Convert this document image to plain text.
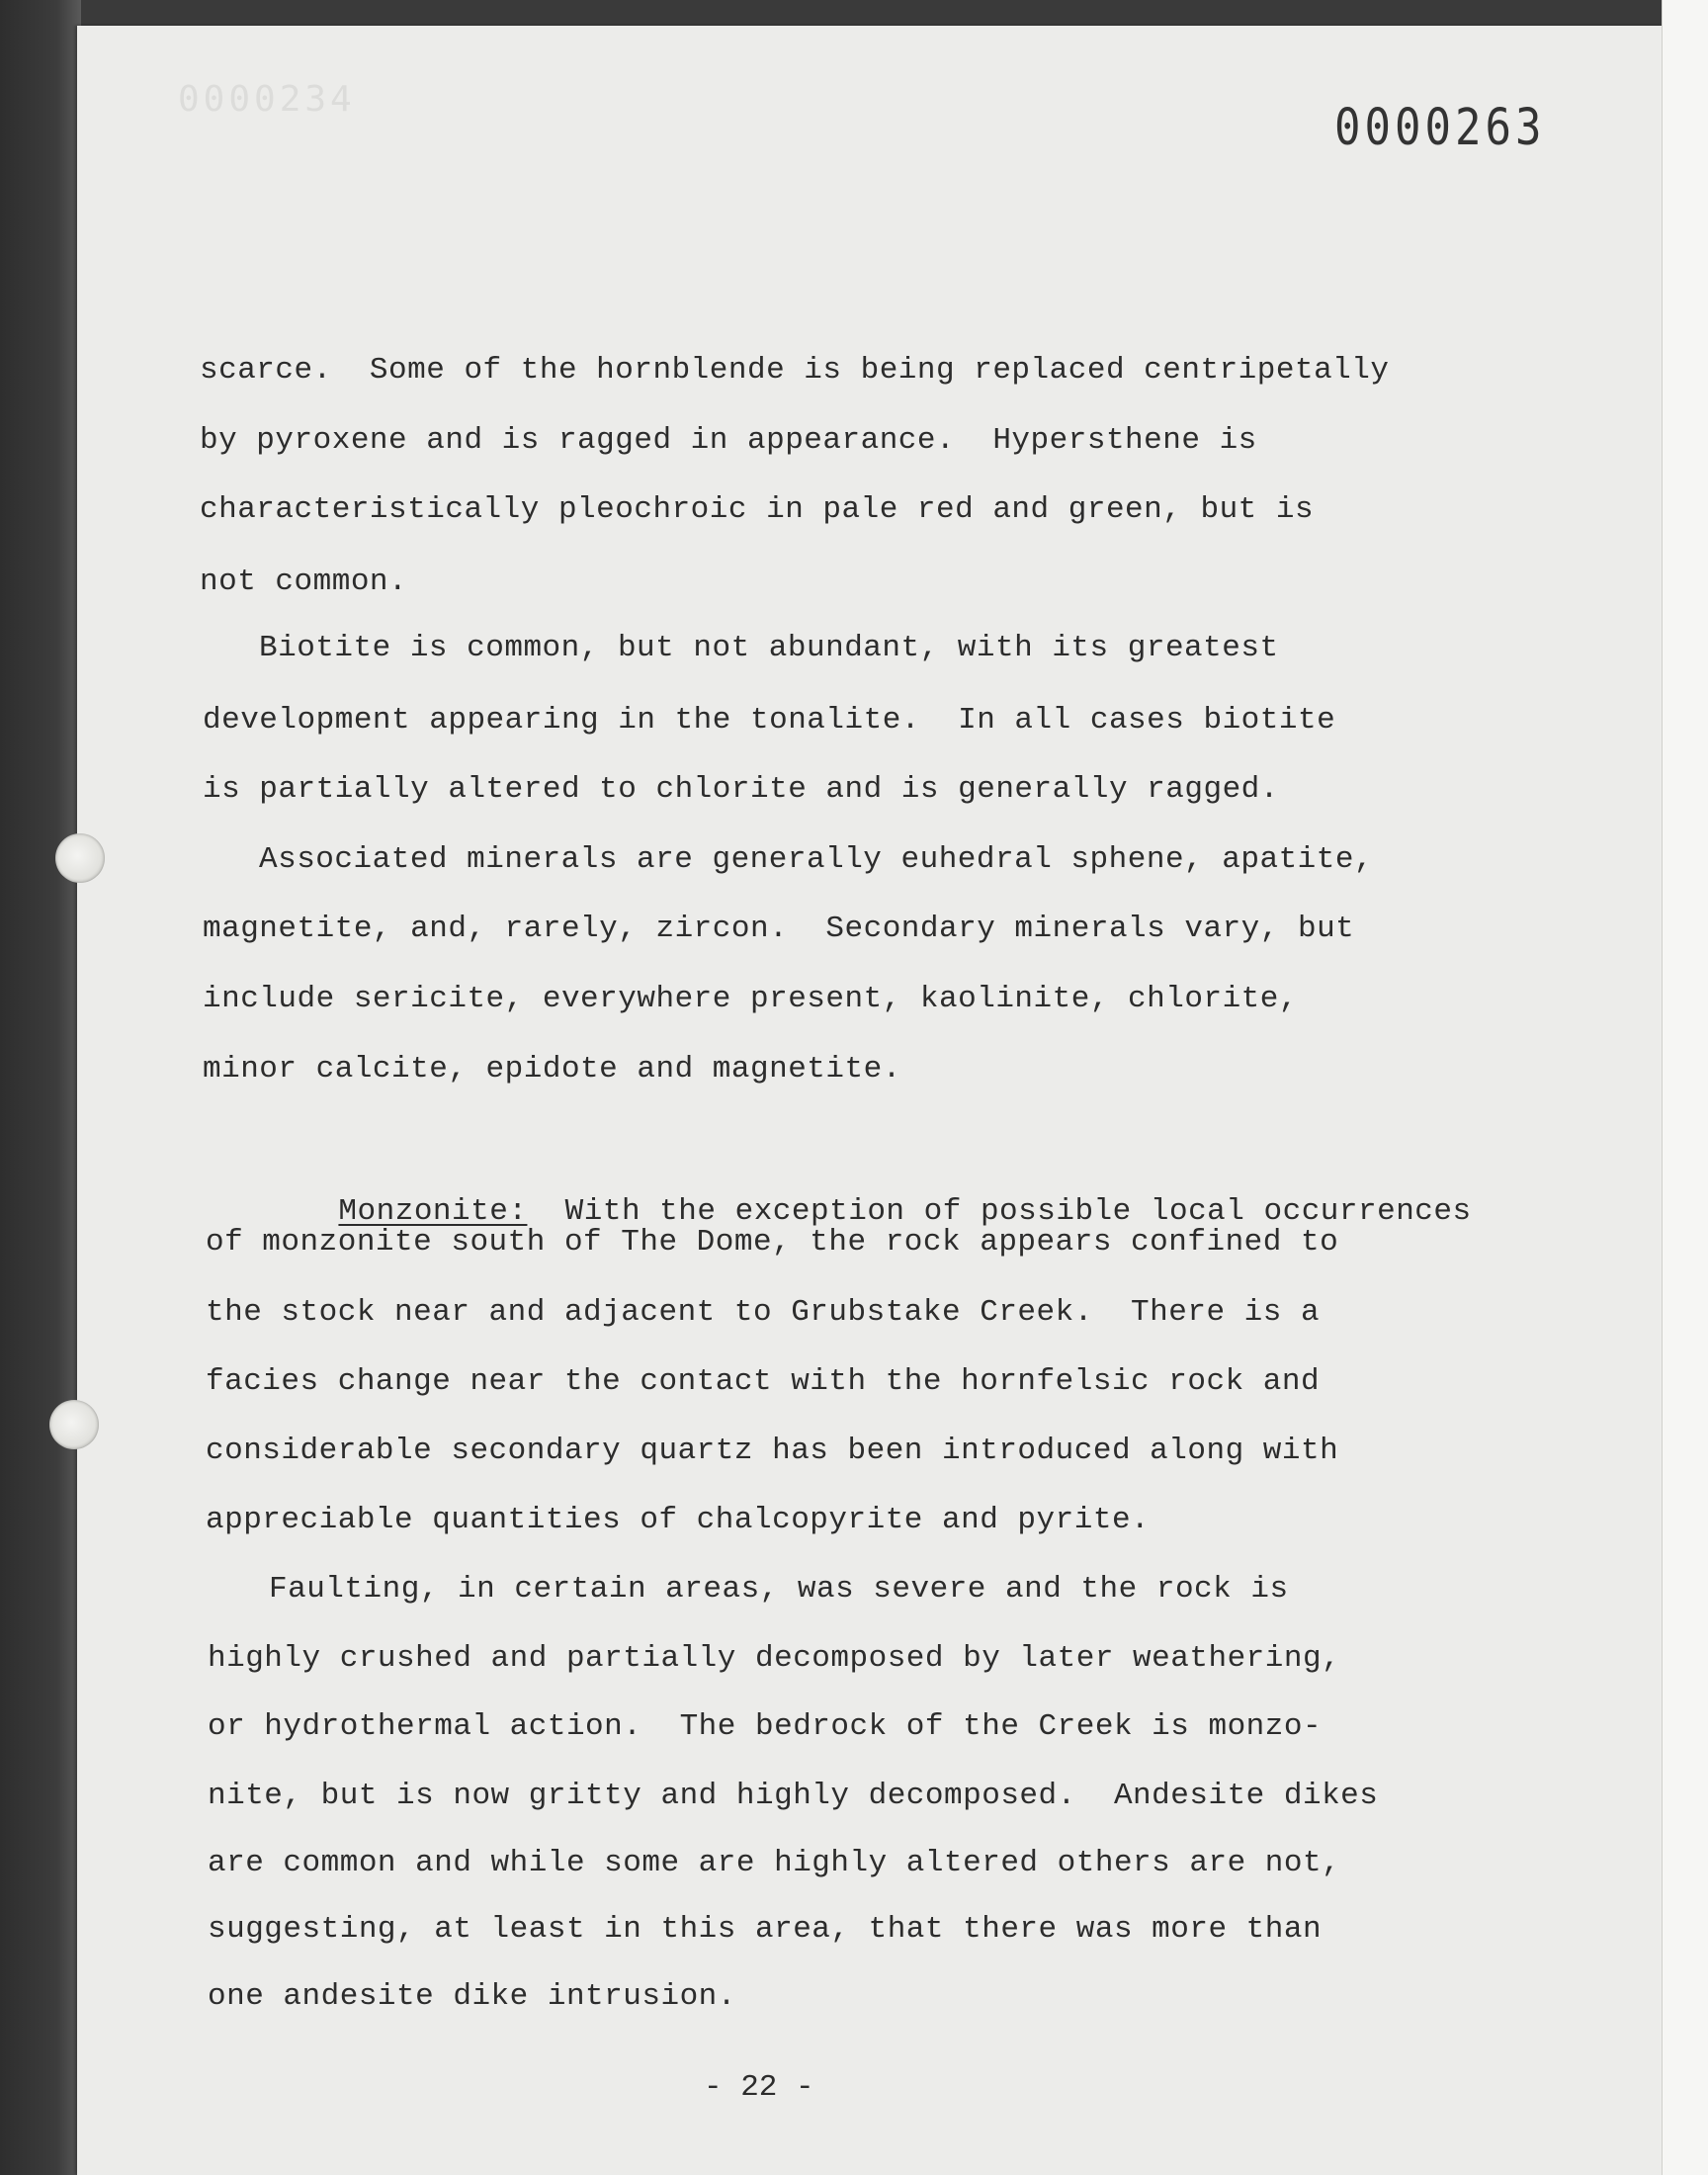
0000234	0000263
scarce.  Some of the hornblende is being replaced centripetally
by pyroxene and is ragged in appearance.  Hypersthene is
characteristically pleochroic in pale red and green, but is
not common.
Biotite is common, but not abundant, with its greatest
development appearing in the tonalite.  In all cases biotite
is partially altered to chlorite and is generally ragged.
Associated minerals are generally euhedral sphene, apatite,
magnetite, and, rarely, zircon.  Secondary minerals vary, but
include sericite, everywhere present, kaolinite, chlorite,
minor calcite, epidote and magnetite.

Monzonite: With the exception of possible local occurrences

of monzonite south of The Dome, the rock appears confined to
the stock near and adjacent to Grubstake Creek.  There is a
facies change near the contact with the hornfelsic rock and
considerable secondary quartz has been introduced along with
appreciable quantities of chalcopyrite and pyrite.
Faulting, in certain areas, was severe and the rock is
highly crushed and partially decomposed by later weathering,
or hydrothermal action.  The bedrock of the Creek is monzo-
nite, but is now gritty and highly decomposed.  Andesite dikes
are common and while some are highly altered others are not,
suggesting, at least in this area, that there was more than
one andesite dike intrusion.
- 22 -
